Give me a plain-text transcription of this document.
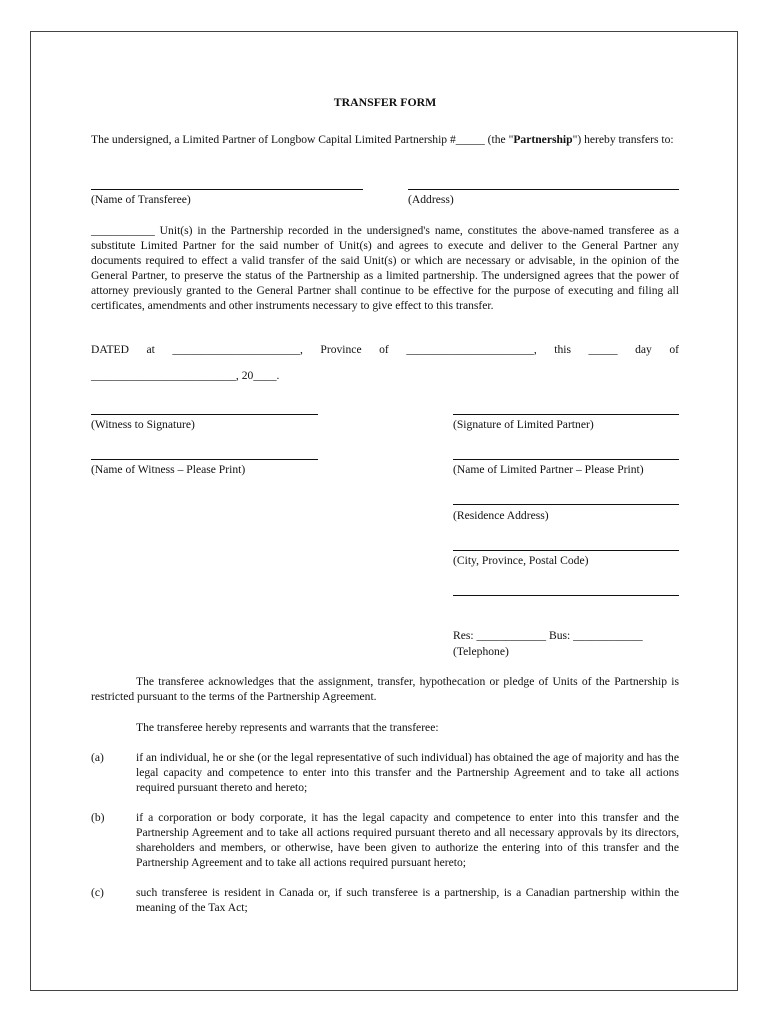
TRANSFER FORM
The undersigned, a Limited Partner of Longbow Capital Limited Partnership #_____ (the "Partnership") hereby transfers to:
(Name of Transferee)	(Address)
___________ Unit(s) in the Partnership recorded in the undersigned's name, constitutes the above-named transferee as a substitute Limited Partner for the said number of Unit(s) and agrees to execute and deliver to the General Partner any documents required to effect a valid transfer of the said Unit(s) or which are necessary or advisable, in the opinion of the General Partner, to preserve the status of the Partnership as a limited partnership. The undersigned agrees that the power of attorney previously granted to the General Partner shall continue to be effective for the purpose of executing and filing all certificates, amendments and other instruments necessary to give effect to this transfer.
DATED at ______________________, Province of ______________________, this _____ day of
_________________________, 20____.
(Witness to Signature)	(Signature of Limited Partner)
(Name of Witness – Please Print)	(Name of Limited Partner – Please Print)
(Residence Address)
(City, Province, Postal Code)
Res: ____________ Bus: ____________
(Telephone)
The transferee acknowledges that the assignment, transfer, hypothecation or pledge of Units of the Partnership is restricted pursuant to the terms of the Partnership Agreement.
The transferee hereby represents and warrants that the transferee:
(a)	if an individual, he or she (or the legal representative of such individual) has obtained the age of majority and has the legal capacity and competence to enter into this transfer and the Partnership Agreement and to take all actions required pursuant thereto and hereto;
(b)	if a corporation or body corporate, it has the legal capacity and competence to enter into this transfer and the Partnership Agreement and to take all actions required pursuant thereto and all necessary approvals by its directors, shareholders and members, or otherwise, have been given to authorize the entering into of this transfer and the Partnership Agreement and to take all actions required pursuant hereto;
(c)	such transferee is resident in Canada or, if such transferee is a partnership, is a Canadian partnership within the meaning of the Tax Act;
